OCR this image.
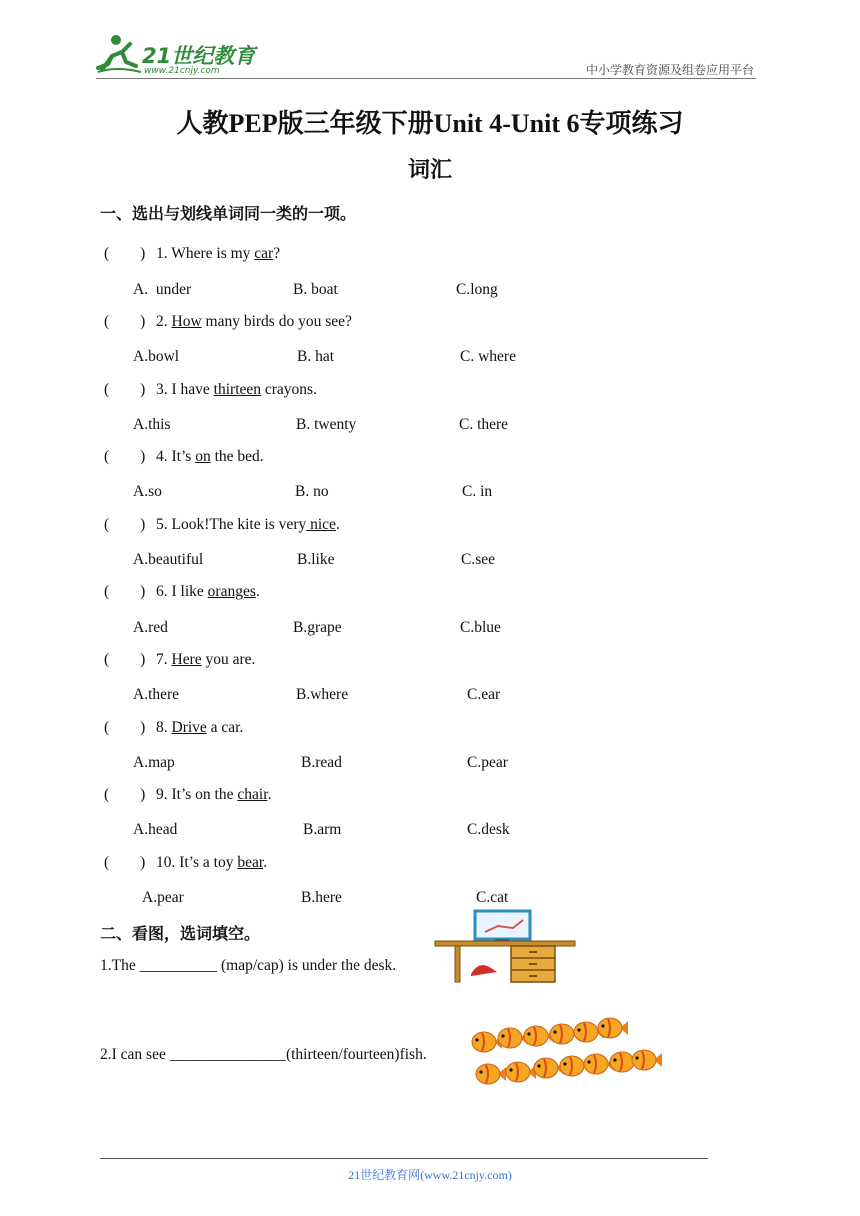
21世纪教育
www.21cnjy.com	中小学教育资源及组卷应用平台
人教PEP版三年级下册Unit 4-Unit 6专项练习
词汇
一、选出与划线单词同一类的一项。
(        ) 1. Where is my car?
A.  under	B. boat	C.long
(        ) 2. How many birds do you see?
A.bowl	B. hat	C. where
(        ) 3. I have thirteen crayons.
A.this	B. twenty	C. there
(        ) 4. It’s on the bed.
A.so	B. no	C. in
(        ) 5. Look!The kite is very nice.
A.beautiful	B.like	C.see
(        ) 6. I like oranges.
A.red	B.grape	C.blue
(        ) 7. Here you are.
A.there	B.where	C.ear
(        ) 8. Drive a car.
A.map	B.read	C.pear
(        ) 9. It’s on the chair.
A.head	B.arm	C.desk
(        ) 10. It’s a toy bear.
A.pear	B.here	C.cat
二、看图，选词填空。
1.The __________ (map/cap) is under the desk.
2.I can see _______________(thirteen/fourteen)fish.
21世纪教育网(www.21cnjy.com)
